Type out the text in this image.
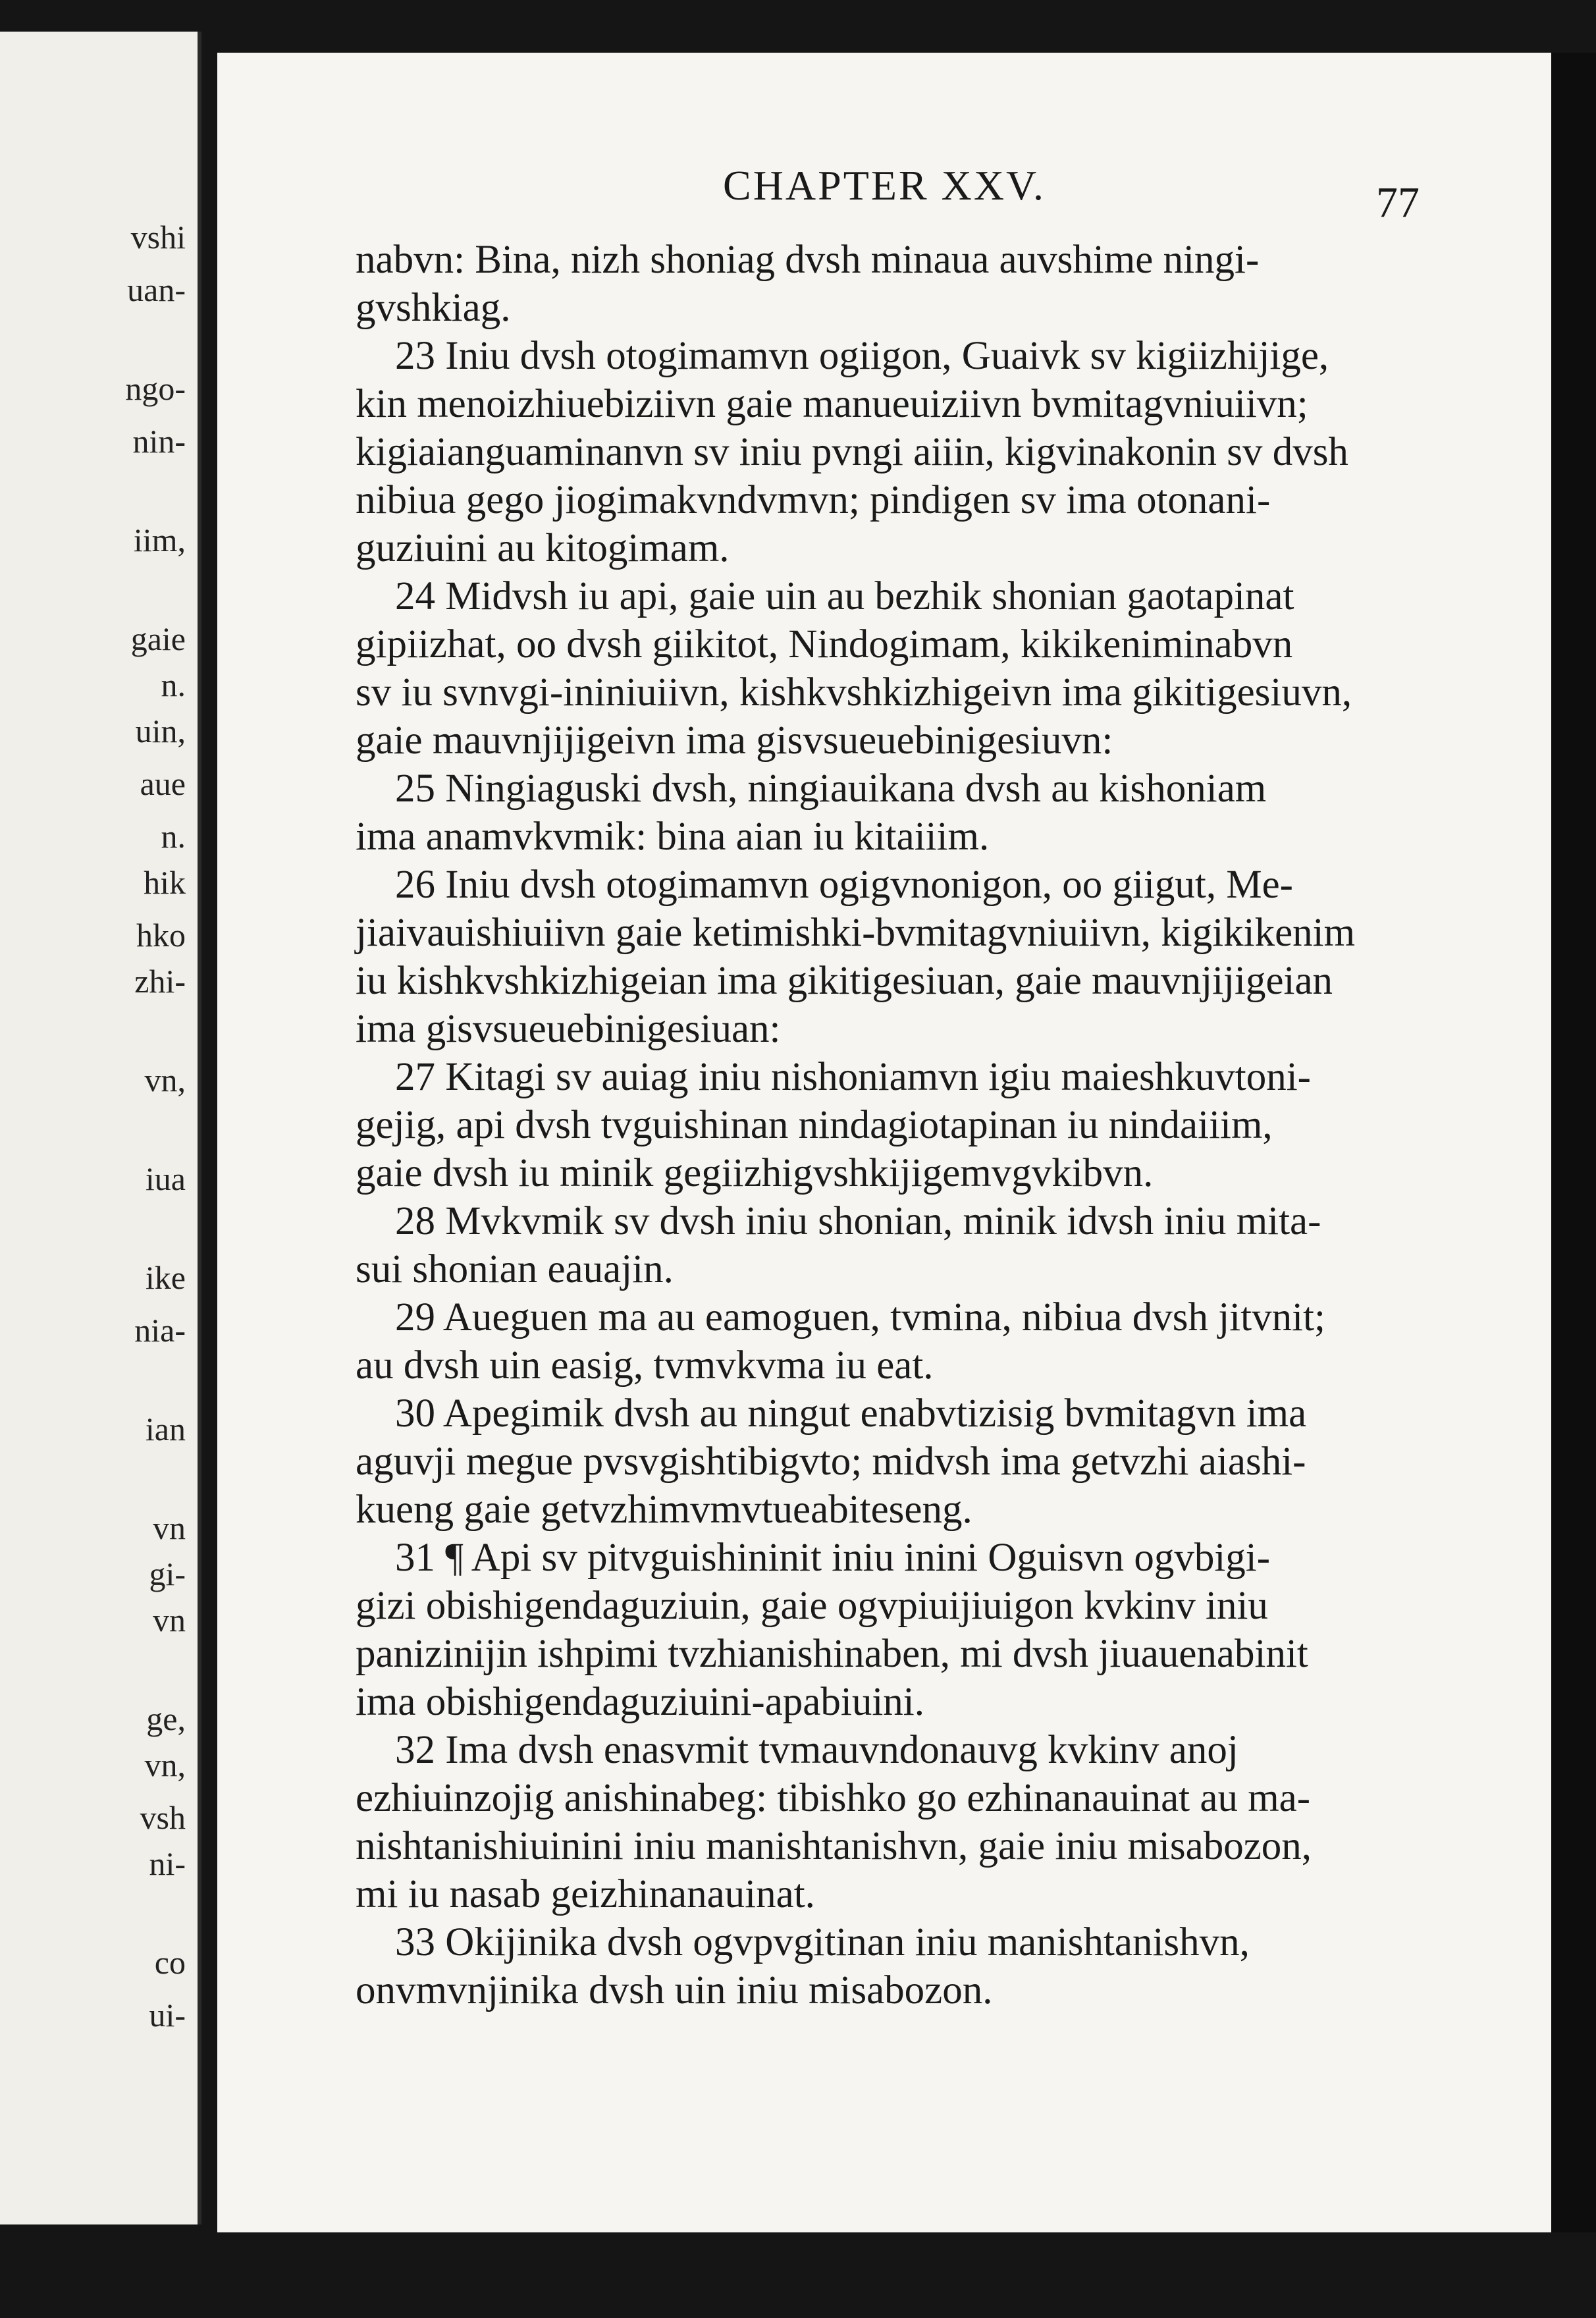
vshi
uan-
ngo-
nin-
iim,
gaie
n.
uin,
aue
n.
hik
hko
zhi-
vn,
iua
ike
nia-
ian
vn
gi-
vn
ge,
vn,
vsh
ni-
co
ui-
CHAPTER XXV.	77
nabvn: Bina, nizh shoniag dvsh minaua auvshime ningi-
gvshkiag.
23 Iniu dvsh otogimamvn ogiigon, Guaivk sv kigiizhijige,
kin menoizhiuebiziivn gaie manueuiziivn bvmitagvniuiivn;
kigiaianguaminanvn sv iniu pvngi aiiin, kigvinakonin sv dvsh
nibiua gego jiogimakvndvmvn; pindigen sv ima otonani-
guziuini au kitogimam.
24 Midvsh iu api, gaie uin au bezhik shonian gaotapinat
gipiizhat, oo dvsh giikitot, Nindogimam, kikikeniminabvn
sv iu svnvgi-ininiuiivn, kishkvshkizhigeivn ima gikitigesiuvn,
gaie mauvnjijigeivn ima gisvsueuebinigesiuvn:
25 Ningiaguski dvsh, ningiauikana dvsh au kishoniam
ima anamvkvmik: bina aian iu kitaiiim.
26 Iniu dvsh otogimamvn ogigvnonigon, oo giigut, Me-
jiaivauishiuiivn gaie ketimishki-bvmitagvniuiivn, kigikikenim
iu kishkvshkizhigeian ima gikitigesiuan, gaie mauvnjijigeian
ima gisvsueuebinigesiuan:
27 Kitagi sv auiag iniu nishoniamvn igiu maieshkuvtoni-
gejig, api dvsh tvguishinan nindagiotapinan iu nindaiiim,
gaie dvsh iu minik gegiizhigvshkijigemvgvkibvn.
28 Mvkvmik sv dvsh iniu shonian, minik idvsh iniu mita-
sui shonian eauajin.
29 Aueguen ma au eamoguen, tvmina, nibiua dvsh jitvnit;
au dvsh uin easig, tvmvkvma iu eat.
30 Apegimik dvsh au ningut enabvtizisig bvmitagvn ima
aguvji megue pvsvgishtibigvto; midvsh ima getvzhi aiashi-
kueng gaie getvzhimvmvtueabiteseng.
31 ¶ Api sv pitvguishininit iniu inini Oguisvn ogvbigi-
gizi obishigendaguziuin, gaie ogvpiuijiuigon kvkinv iniu
panizinijin ishpimi tvzhianishinaben, mi dvsh jiuauenabinit
ima obishigendaguziuini-apabiuini.
32 Ima dvsh enasvmit tvmauvndonauvg kvkinv anoj
ezhiuinzojig anishinabeg: tibishko go ezhinanauinat au ma-
nishtanishiuinini iniu manishtanishvn, gaie iniu misabozon,
mi iu nasab geizhinanauinat.
33 Okijinika dvsh ogvpvgitinan iniu manishtanishvn,
onvmvnjinika dvsh uin iniu misabozon.
